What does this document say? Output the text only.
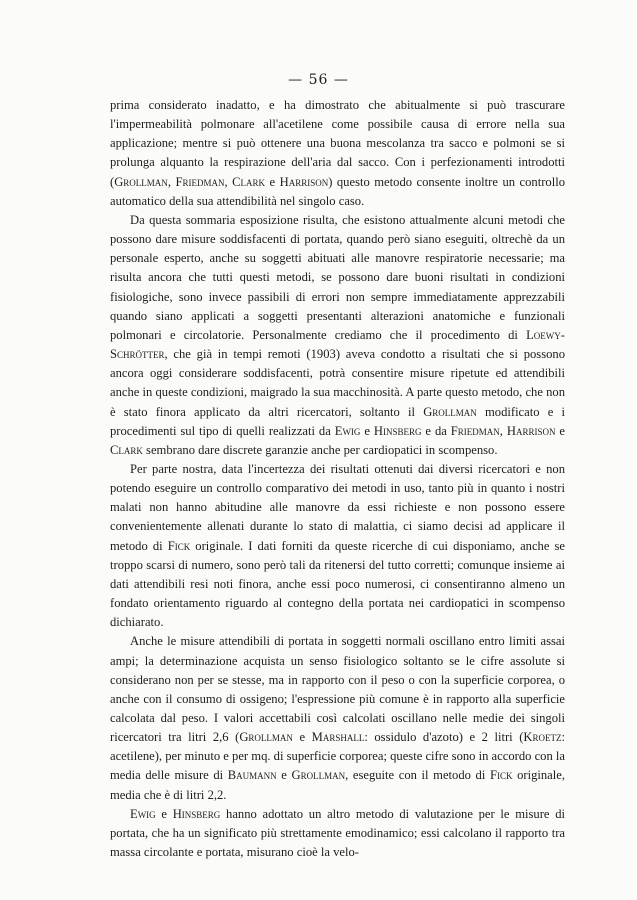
— 56 —

prima considerato inadatto, e ha dimostrato che abitualmente si può trascurare l'impermeabilità polmonare all'acetilene come possibile causa di errore nella sua applicazione; mentre si può ottenere una buona mescolanza tra sacco e polmoni se si prolunga alquanto la respirazione dell'aria dal sacco. Con i perfezionamenti introdotti (Grollman, Friedman, Clark e Harrison) questo metodo consente inoltre un controllo automatico della sua attendibilità nel singolo caso.

Da questa sommaria esposizione risulta, che esistono attualmente alcuni metodi che possono dare misure soddisfacenti di portata, quando però siano eseguiti, oltrechè da un personale esperto, anche su soggetti abituati alle manovre respiratorie necessarie; ma risulta ancora che tutti questi metodi, se possono dare buoni risultati in condizioni fisiologiche, sono invece passibili di errori non sempre immediatamente apprezzabili quando siano applicati a soggetti presentanti alterazioni anatomiche e funzionali polmonari e circolatorie. Personalmente crediamo che il procedimento di Loewy-Schrötter, che già in tempi remoti (1903) aveva condotto a risultati che si possono ancora oggi considerare soddisfacenti, potrà consentire misure ripetute ed attendibili anche in queste condizioni, maigrado la sua macchinosità. A parte questo metodo, che non è stato finora applicato da altri ricercatori, soltanto il Grollman modificato e i procedimenti sul tipo di quelli realizzati da Ewig e Hinsberg e da Friedman, Harrison e Clark sembrano dare discrete garanzie anche per cardiopatici in scompenso.

Per parte nostra, data l'incertezza dei risultati ottenuti dai diversi ricercatori e non potendo eseguire un controllo comparativo dei metodi in uso, tanto più in quanto i nostri malati non hanno abitudine alle manovre da essi richieste e non possono essere convenientemente allenati durante lo stato di malattia, ci siamo decisi ad applicare il metodo di Fick originale. I dati forniti da queste ricerche di cui disponiamo, anche se troppo scarsi di numero, sono però tali da ritenersi del tutto corretti; comunque insieme ai dati attendibili resi noti finora, anche essi poco numerosi, ci consentiranno almeno un fondato orientamento riguardo al contegno della portata nei cardiopatici in scompenso dichiarato.

Anche le misure attendibili di portata in soggetti normali oscillano entro limiti assai ampi; la determinazione acquista un senso fisiologico soltanto se le cifre assolute si considerano non per se stesse, ma in rapporto con il peso o con la superficie corporea, o anche con il consumo di ossigeno; l'espressione più comune è in rapporto alla superficie calcolata dal peso. I valori accettabili così calcolati oscillano nelle medie dei singoli ricercatori tra litri 2,6 (Grollman e Marshall: ossidulo d'azoto) e 2 litri (Kroetz: acetilene), per minuto e per mq. di superficie corporea; queste cifre sono in accordo con la media delle misure di Baumann e Grollman, eseguite con il metodo di Fick originale, media che è di litri 2,2.

Ewig e Hinsberg hanno adottato un altro metodo di valutazione per le misure di portata, che ha un significato più strettamente emodinamico; essi calcolano il rapporto tra massa circolante e portata, misurano cioè la velo-
